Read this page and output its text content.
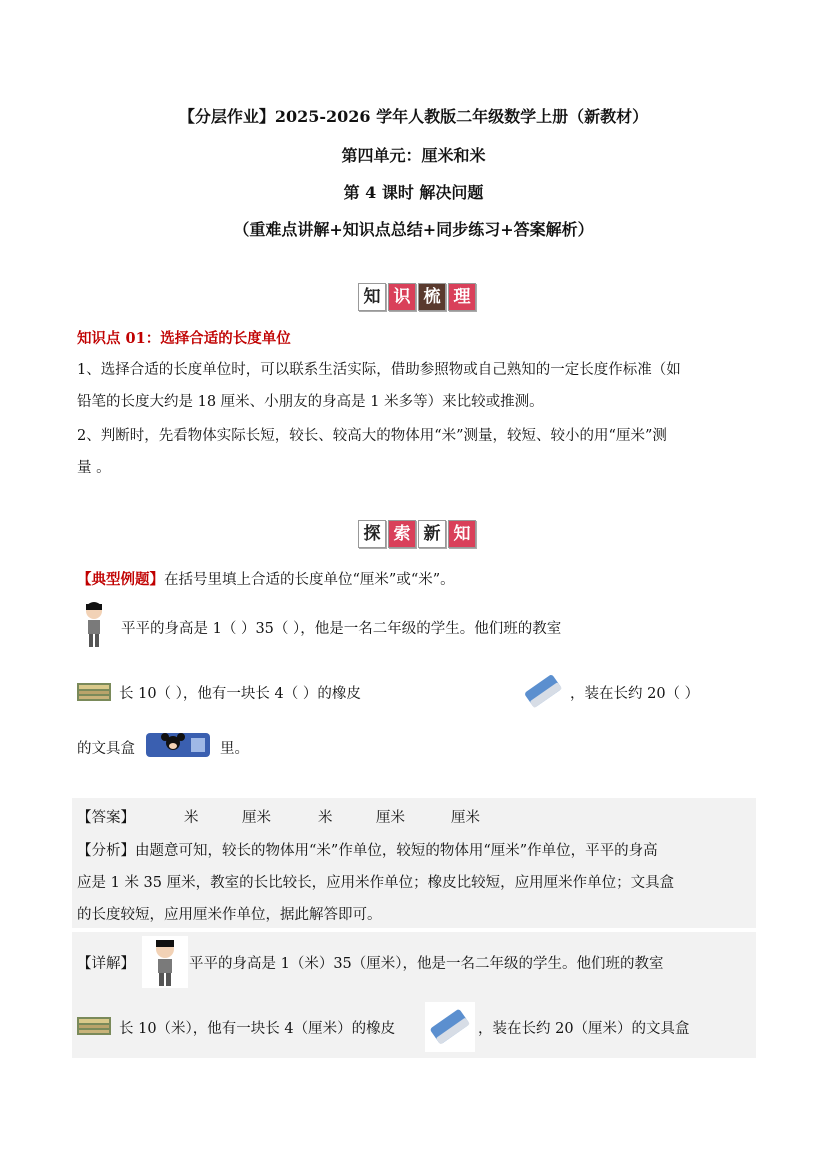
【分层作业】2025-2026 学年人教版二年级数学上册（新教材）
第四单元：厘米和米
第 4 课时 解决问题
（重难点讲解+知识点总结+同步练习+答案解析）
知 识 梳 理
知识点 01：选择合适的长度单位
1、选择合适的长度单位时，可以联系生活实际，借助参照物或自己熟知的一定长度作标准（如
铅笔的长度大约是 18 厘米、小朋友的身高是 1 米多等）来比较或推测。
2、判断时，先看物体实际长短，较长、较高大的物体用“米”测量，较短、较小的用“厘米”测
量 。
探 索 新 知
【典型例题】在括号里填上合适的长度单位“厘米”或“米”。
平平的身高是 1（ ）35（ ），他是一名二年级的学生。他们班的教室
长 10（ ），他有一块长 4（ ）的橡皮	，装在长约 20（ ）
的文具盒	里。
【答案】	米	厘米	米	厘米	厘米
【分析】由题意可知，较长的物体用“米”作单位，较短的物体用“厘米”作单位，平平的身高
应是 1 米 35 厘米，教室的长比较长，应用米作单位；橡皮比较短，应用厘米作单位；文具盒
的长度较短，应用厘米作单位，据此解答即可。
【详解】	平平的身高是 1（米）35（厘米），他是一名二年级的学生。他们班的教室
长 10（米），他有一块长 4（厘米）的橡皮	，装在长约 20（厘米）的文具盒
